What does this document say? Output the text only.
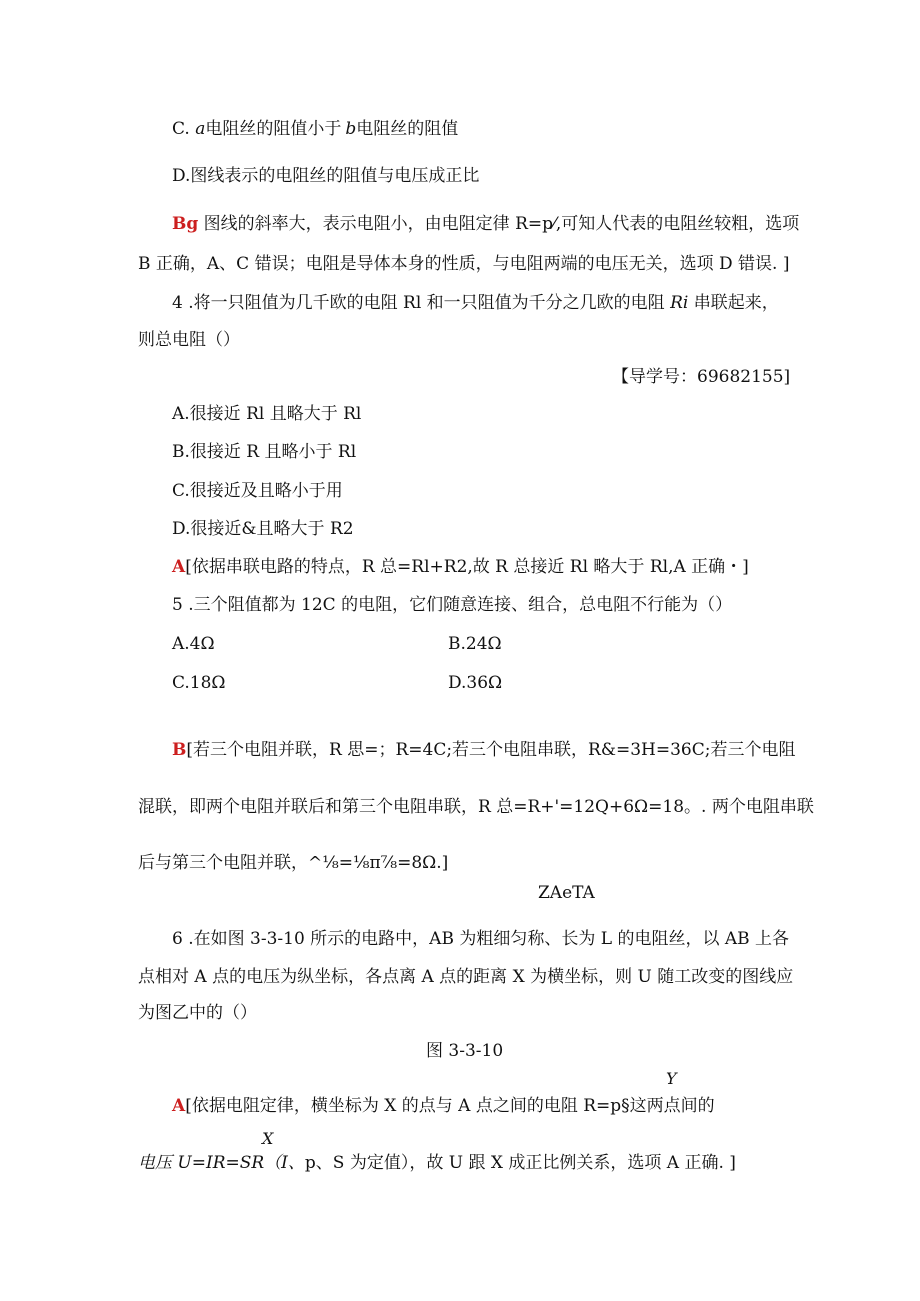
C. a电阻丝的阻值小于 b电阻丝的阻值
D.图线表示的电阻丝的阻值与电压成正比
Bg 图线的斜率大，表示电阻小，由电阻定律 R=p⁄,可知人代表的电阻丝较粗，选项
B 正确，A、C 错误；电阻是导体本身的性质，与电阻两端的电压无关，选项 D 错误. ]
4 .将一只阻值为几千欧的电阻 Rl 和一只阻值为千分之几欧的电阻 Ri 串联起来，
则总电阻（）
【导学号：69682155]
A.很接近 Rl 且略大于 Rl
B.很接近 R 且略小于 Rl
C.很接近及且略小于用
D.很接近&且略大于 R2
A[依据串联电路的特点，R 总=Rl+R2,故 R 总接近 Rl 略大于 Rl,A 正确・]
5 .三个阻值都为 12C 的电阻，它们随意连接、组合，总电阻不行能为（）
A.4Ω	B.24Ω
C.18Ω	D.36Ω
B[若三个电阻并联，R 思=；R=4C;若三个电阻串联，R&=3H=36C;若三个电阻
混联，即两个电阻并联后和第三个电阻串联，R 总=R+'=12Q+6Ω=18。. 两个电阻串联
后与第三个电阻并联，^⅛=⅛π⅞=8Ω.]
ZAeTA
6 .在如图 3-3-10 所示的电路中，AB 为粗细匀称、长为 L 的电阻丝，以 AB 上各
点相对 A 点的电压为纵坐标，各点离 A 点的距离 X 为横坐标，则 U 随工改变的图线应
为图乙中的（）
图 3-3-10
Y
A[依据电阻定律，横坐标为 X 的点与 A 点之间的电阻 R=p§这两点间的
X
电压 U=IR=SR（I、p、S 为定值），故 U 跟 X 成正比例关系，选项 A 正确. ]
